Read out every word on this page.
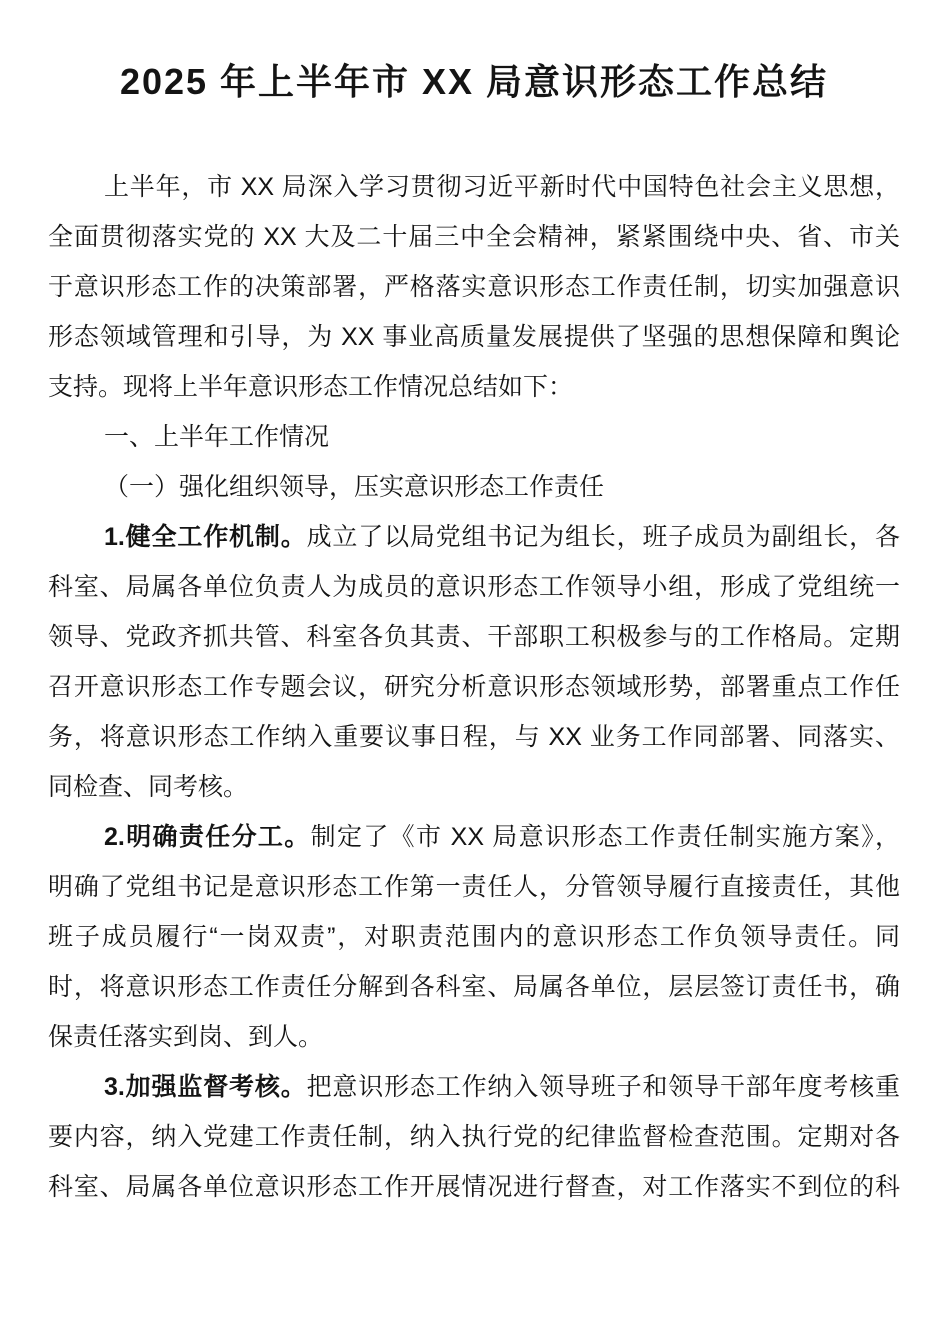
2025 年上半年市 XX 局意识形态工作总结
上半年，市 XX 局深入学习贯彻习近平新时代中国特色社会主义思想，
全面贯彻落实党的 XX 大及二十届三中全会精神，紧紧围绕中央、省、市关
于意识形态工作的决策部署，严格落实意识形态工作责任制，切实加强意识
形态领域管理和引导，为 XX 事业高质量发展提供了坚强的思想保障和舆论
支持。现将上半年意识形态工作情况总结如下：
一、上半年工作情况
（一）强化组织领导，压实意识形态工作责任
1.健全工作机制。成立了以局党组书记为组长，班子成员为副组长，各
科室、局属各单位负责人为成员的意识形态工作领导小组，形成了党组统一
领导、党政齐抓共管、科室各负其责、干部职工积极参与的工作格局。定期
召开意识形态工作专题会议，研究分析意识形态领域形势，部署重点工作任
务，将意识形态工作纳入重要议事日程，与 XX 业务工作同部署、同落实、
同检查、同考核。
2.明确责任分工。制定了《市 XX 局意识形态工作责任制实施方案》，
明确了党组书记是意识形态工作第一责任人，分管领导履行直接责任，其他
班子成员履行“一岗双责”，对职责范围内的意识形态工作负领导责任。同
时，将意识形态工作责任分解到各科室、局属各单位，层层签订责任书，确
保责任落实到岗、到人。
3.加强监督考核。把意识形态工作纳入领导班子和领导干部年度考核重
要内容，纳入党建工作责任制，纳入执行党的纪律监督检查范围。定期对各
科室、局属各单位意识形态工作开展情况进行督查，对工作落实不到位的科
